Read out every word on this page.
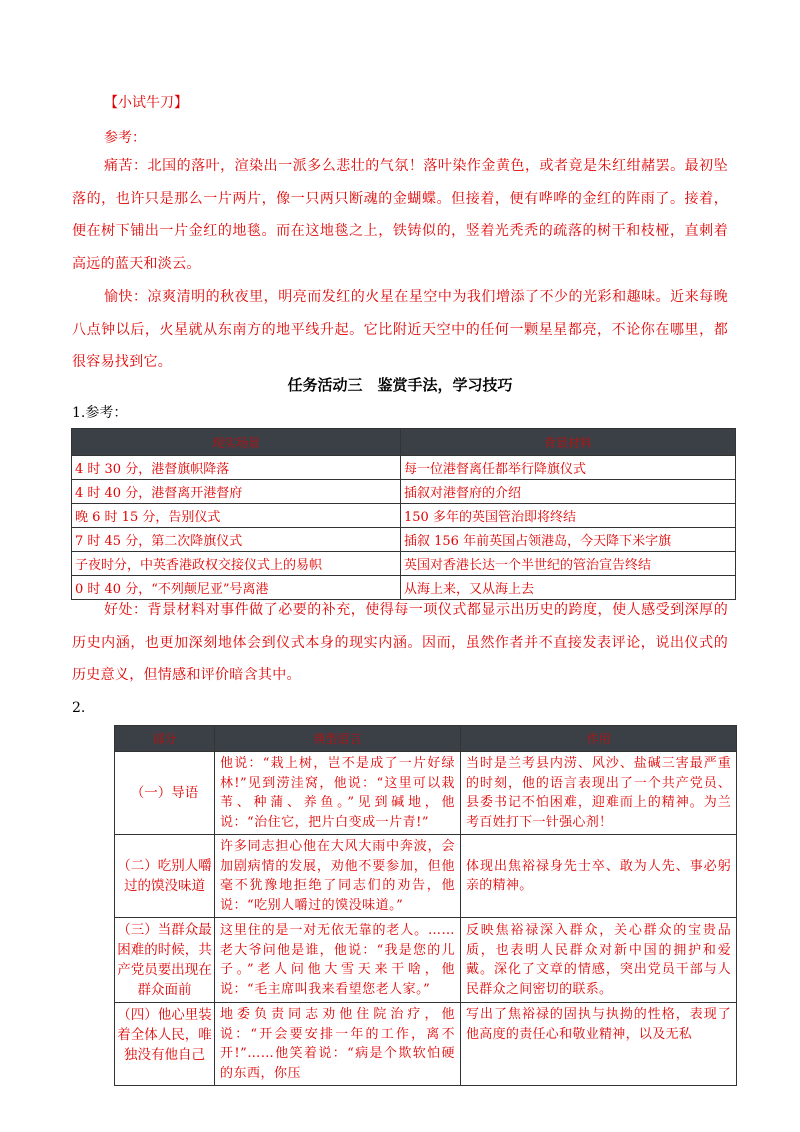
【小试牛刀】
参考：
痛苦：北国的落叶，渲染出一派多么悲壮的气氛！落叶染作金黄色，或者竟是朱红绀赭罢。最初坠落的，也许只是那么一片两片，像一只两只断魂的金蝴蝶。但接着，便有哗哗的金红的阵雨了。接着，便在树下铺出一片金红的地毯。而在这地毯之上，铁铸似的，竖着光秃秃的疏落的树干和枝桠，直刺着高远的蓝天和淡云。
愉快：凉爽清明的秋夜里，明亮而发红的火星在星空中为我们增添了不少的光彩和趣味。近来每晚八点钟以后，火星就从东南方的地平线升起。它比附近天空中的任何一颗星星都亮，不论你在哪里，都很容易找到它。
任务活动三　鉴赏手法，学习技巧
1.参考：
现实场景	背景材料
4 时 30 分，港督旗帜降落	每一位港督离任都举行降旗仪式
4 时 40 分，港督离开港督府	插叙对港督府的介绍
晚 6 时 15 分，告别仪式	150 多年的英国管治即将终结
7 时 45 分，第二次降旗仪式	插叙 156 年前英国占领港岛，今天降下米字旗
子夜时分，中英香港政权交接仪式上的易帜	英国对香港长达一个半世纪的管治宣告终结
0 时 40 分，“不列颠尼亚”号离港	从海上来，又从海上去
好处：背景材料对事件做了必要的补充，使得每一项仪式都显示出历史的跨度，使人感受到深厚的历史内涵，也更加深刻地体会到仪式本身的现实内涵。因而，虽然作者并不直接发表评论，说出仪式的历史意义，但情感和评价暗含其中。
2.
部分	典型语言	作用
（一）导语	他说：“栽上树，岂不是成了一片好绿林!”见到涝洼窝，他说：“这里可以栽苇、种蒲、养鱼。”见到碱地，他说：“治住它，把片白变成一片青!”	当时是兰考县内涝、风沙、盐碱三害最严重的时刻，他的语言表现出了一个共产党员、县委书记不怕困难，迎难而上的精神。为兰考百姓打下一针强心剂！
（二）吃别人嚼过的馍没味道	许多同志担心他在大风大雨中奔波，会加剧病情的发展，劝他不要参加，但他毫不犹豫地拒绝了同志们的劝告，他说：“吃别人嚼过的馍没味道。”	体现出焦裕禄身先士卒、敢为人先、事必躬亲的精神。
（三）当群众最困难的时候，共产党员要出现在群众面前	这里住的是一对无依无靠的老人。……老大爷问他是谁，他说：“我是您的儿子。”老人问他大雪天来干啥，他说：“毛主席叫我来看望您老人家。”	反映焦裕禄深入群众，关心群众的宝贵品质，也表明人民群众对新中国的拥护和爱戴。深化了文章的情感，突出党员干部与人民群众之间密切的联系。
（四）他心里装着全体人民，唯独没有他自己	地委负责同志劝他住院治疗，他说：“开会要安排一年的工作，离不开!”……他笑着说：“病是个欺软怕硬的东西，你压	写出了焦裕禄的固执与执拗的性格，表现了他高度的责任心和敬业精神，以及无私
